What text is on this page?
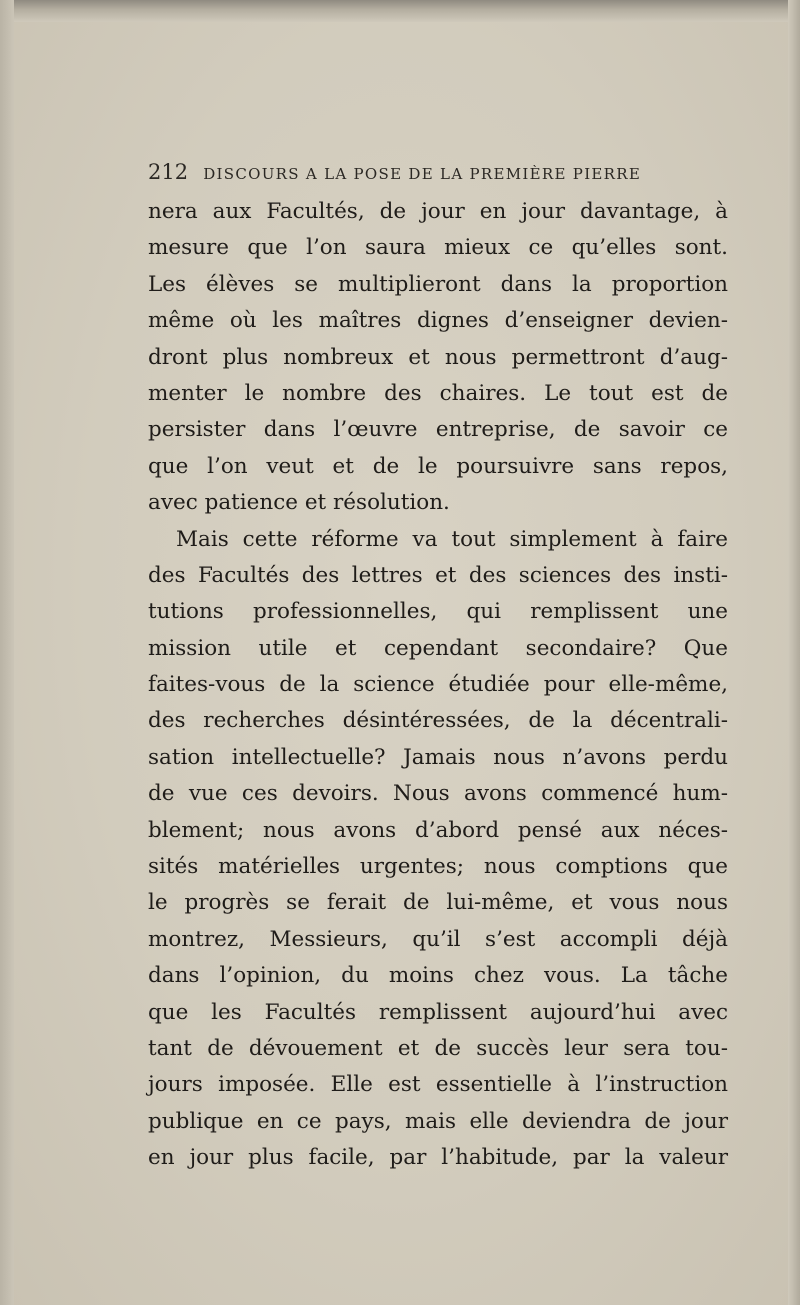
212 DISCOURS A LA POSE DE LA PREMIÈRE PIERRE
nera aux Facultés, de jour en jour davantage, à
mesure que l’on saura mieux ce qu’elles sont.
Les élèves se multiplieront dans la proportion
même où les maîtres dignes d’enseigner devien-
dront plus nombreux et nous permettront d’aug-
menter le nombre des chaires. Le tout est de
persister dans l’œuvre entreprise, de savoir ce
que l’on veut et de le poursuivre sans repos,
avec patience et résolution.
Mais cette réforme va tout simplement à faire
des Facultés des lettres et des sciences des insti-
tutions professionnelles, qui remplissent une
mission utile et cependant secondaire? Que
faites-vous de la science étudiée pour elle-même,
des recherches désintéressées, de la décentrali-
sation intellectuelle? Jamais nous n’avons perdu
de vue ces devoirs. Nous avons commencé hum-
blement; nous avons d’abord pensé aux néces-
sités matérielles urgentes; nous comptions que
le progrès se ferait de lui-même, et vous nous
montrez, Messieurs, qu’il s’est accompli déjà
dans l’opinion, du moins chez vous. La tâche
que les Facultés remplissent aujourd’hui avec
tant de dévouement et de succès leur sera tou-
jours imposée. Elle est essentielle à l’instruction
publique en ce pays, mais elle deviendra de jour
en jour plus facile, par l’habitude, par la valeur
